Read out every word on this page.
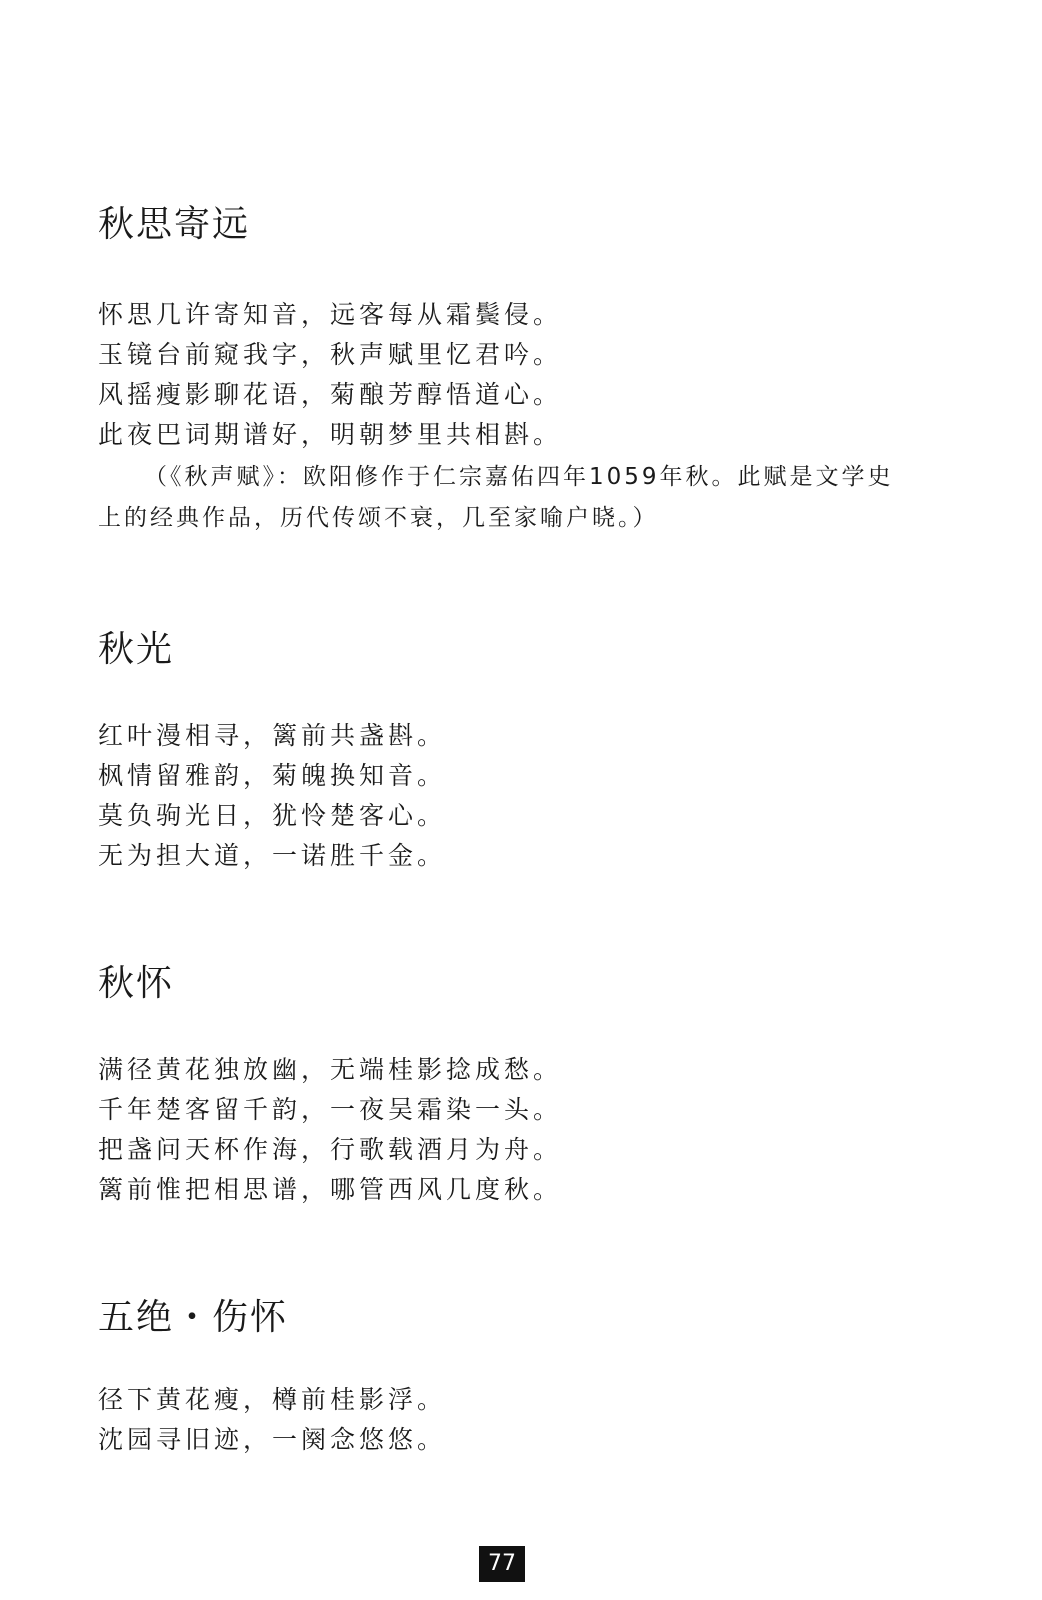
秋思寄远
怀思几许寄知音，远客每从霜鬓侵。
玉镜台前窥我字，秋声赋里忆君吟。
风摇瘦影聊花语，菊酿芳醇悟道心。
此夜巴词期谱好，明朝梦里共相斟。

（《秋声赋》：欧阳修作于仁宗嘉佑四年1059年秋。此赋是文学史上的经典作品，历代传颂不衰，几至家喻户晓。）

秋光
红叶漫相寻，篱前共盏斟。
枫情留雅韵，菊魄换知音。
莫负驹光日，犹怜楚客心。
无为担大道，一诺胜千金。
秋怀
满径黄花独放幽，无端桂影捻成愁。
千年楚客留千韵，一夜吴霜染一头。
把盏问天杯作海，行歌载酒月为舟。
篱前惟把相思谱，哪管西风几度秋。
五绝・伤怀
径下黄花瘦，樽前桂影浮。
沈园寻旧迹，一阕念悠悠。
77
